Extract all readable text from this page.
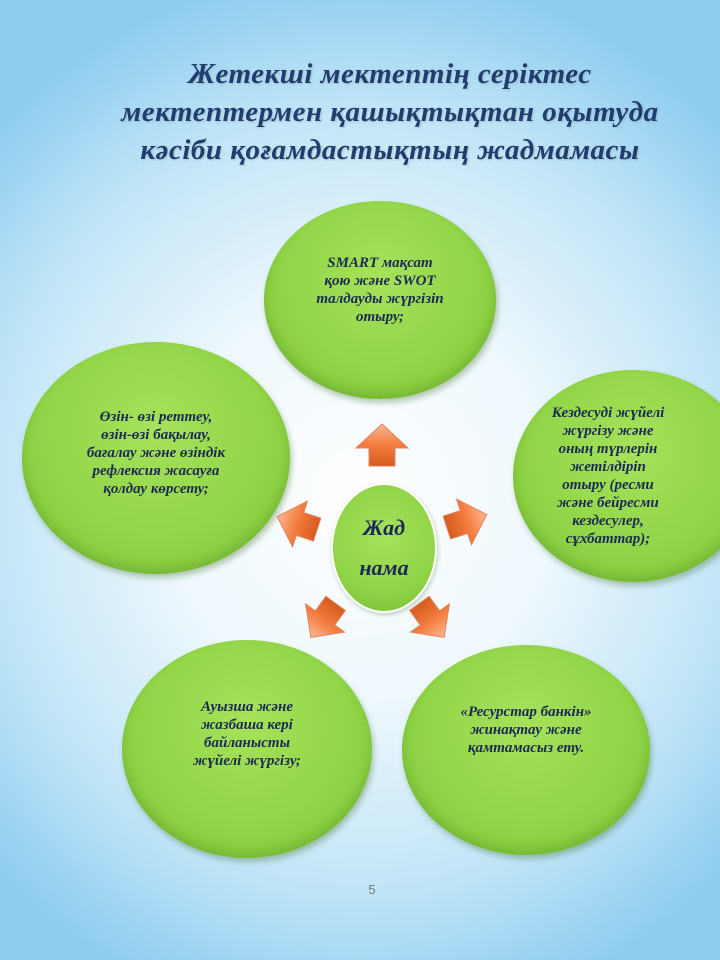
Жетекші мектептің серіктес
мектептермен қашықтықтан оқытуда
кәсіби қоғамдастықтың жадмамасы
SMART мақсат
қою және SWOT
талдауды жүргізіп
отыру;
Кездесуді жүйелі
жүргізу және
оның түрлерін
жетілдіріп
отыру (ресми
және бейресми
кездесулер,
сұхбаттар);
«Ресурстар банкін»
жинақтау және
қамтамасыз ету.
Ауызша және
жазбаша кері
байланысты
жүйелі жүргізу;
Өзін- өзі реттеу,
өзін-өзі бақылау,
бағалау және өзіндік
рефлексия жасауға
қолдау көрсету;
Жад
нама
5
